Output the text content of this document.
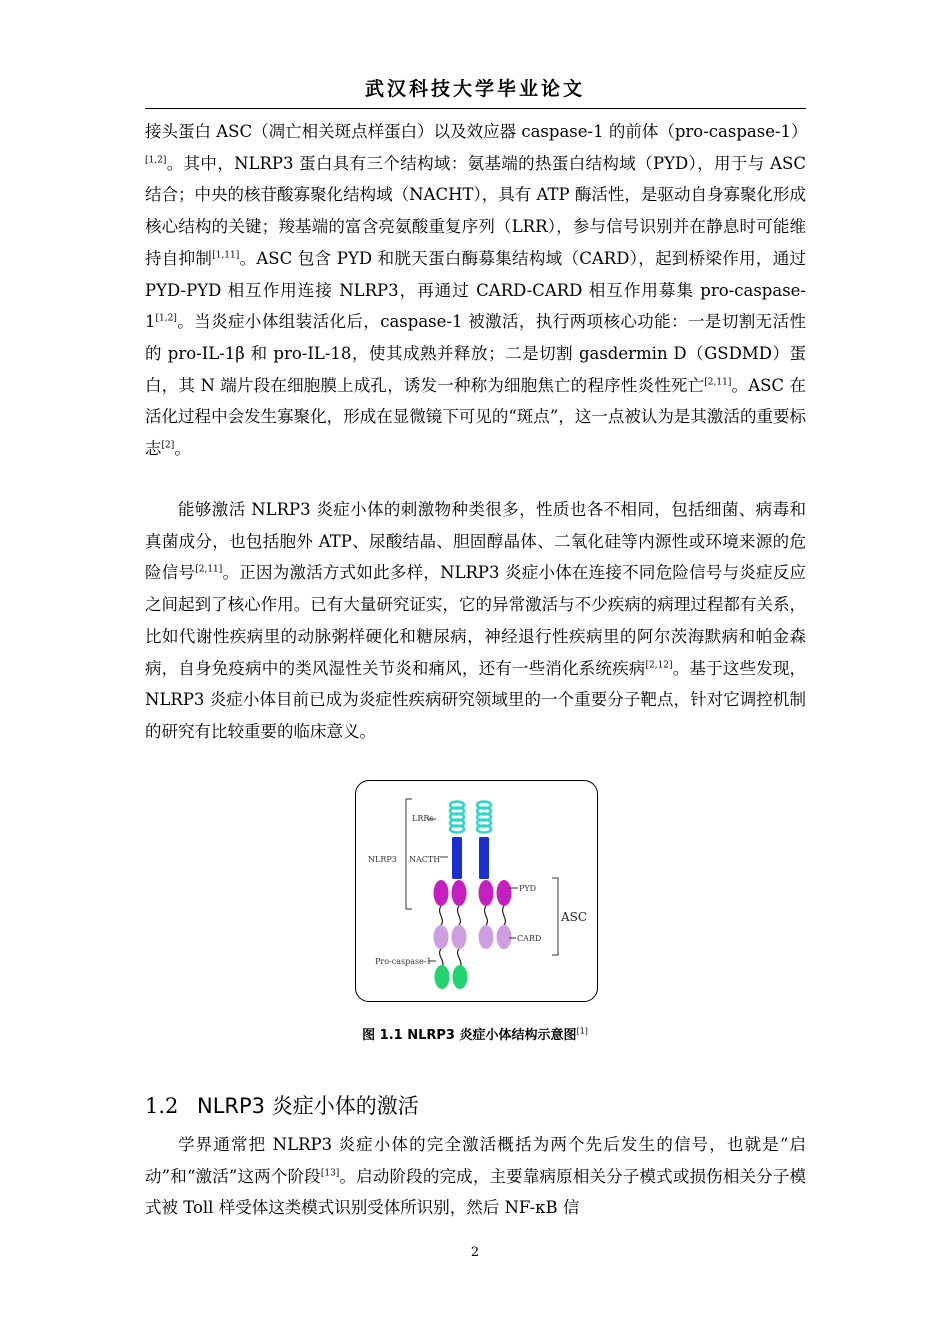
武汉科技大学毕业论文

接头蛋白 ASC（凋亡相关斑点样蛋白）以及效应器 caspase-1 的前体（pro-caspase-1）[1,2]。其中，NLRP3 蛋白具有三个结构域：氨基端的热蛋白结构域（PYD），用于与 ASC 结合；中央的核苷酸寡聚化结构域（NACHT），具有 ATP 酶活性，是驱动自身寡聚化形成核心结构的关键；羧基端的富含亮氨酸重复序列（LRR），参与信号识别并在静息时可能维持自抑制[1,11]。ASC 包含 PYD 和胱天蛋白酶募集结构域（CARD），起到桥梁作用，通过 PYD-PYD 相互作用连接 NLRP3，再通过 CARD-CARD 相互作用募集 pro-caspase-1[1,2]。当炎症小体组装活化后，caspase-1 被激活，执行两项核心功能：一是切割无活性的 pro-IL-1β 和 pro-IL-18，使其成熟并释放；二是切割 gasdermin D（GSDMD）蛋白，其 N 端片段在细胞膜上成孔，诱发一种称为细胞焦亡的程序性炎性死亡[2,11]。ASC 在活化过程中会发生寡聚化，形成在显微镜下可见的“斑点”，这一点被认为是其激活的重要标志[2]。

能够激活 NLRP3 炎症小体的刺激物种类很多，性质也各不相同，包括细菌、病毒和真菌成分，也包括胞外 ATP、尿酸结晶、胆固醇晶体、二氧化硅等内源性或环境来源的危险信号[2,11]。正因为激活方式如此多样，NLRP3 炎症小体在连接不同危险信号与炎症反应之间起到了核心作用。已有大量研究证实，它的异常激活与不少疾病的病理过程都有关系，比如代谢性疾病里的动脉粥样硬化和糖尿病，神经退行性疾病里的阿尔茨海默病和帕金森病，自身免疫病中的类风湿性关节炎和痛风，还有一些消化系统疾病[2,12]。基于这些发现，NLRP3 炎症小体目前已成为炎症性疾病研究领域里的一个重要分子靶点，针对它调控机制的研究有比较重要的临床意义。

LRRs
NLRP3 NACTH
PYD
CARD
ASC
Pro-caspase-1
图 1.1 NLRP3 炎症小体结构示意图[1]
1.2 NLRP3 炎症小体的激活

学界通常把 NLRP3 炎症小体的完全激活概括为两个先后发生的信号，也就是“启动”和“激活”这两个阶段[13]。启动阶段的完成，主要靠病原相关分子模式或损伤相关分子模式被 Toll 样受体这类模式识别受体所识别，然后 NF-κB 信

2
